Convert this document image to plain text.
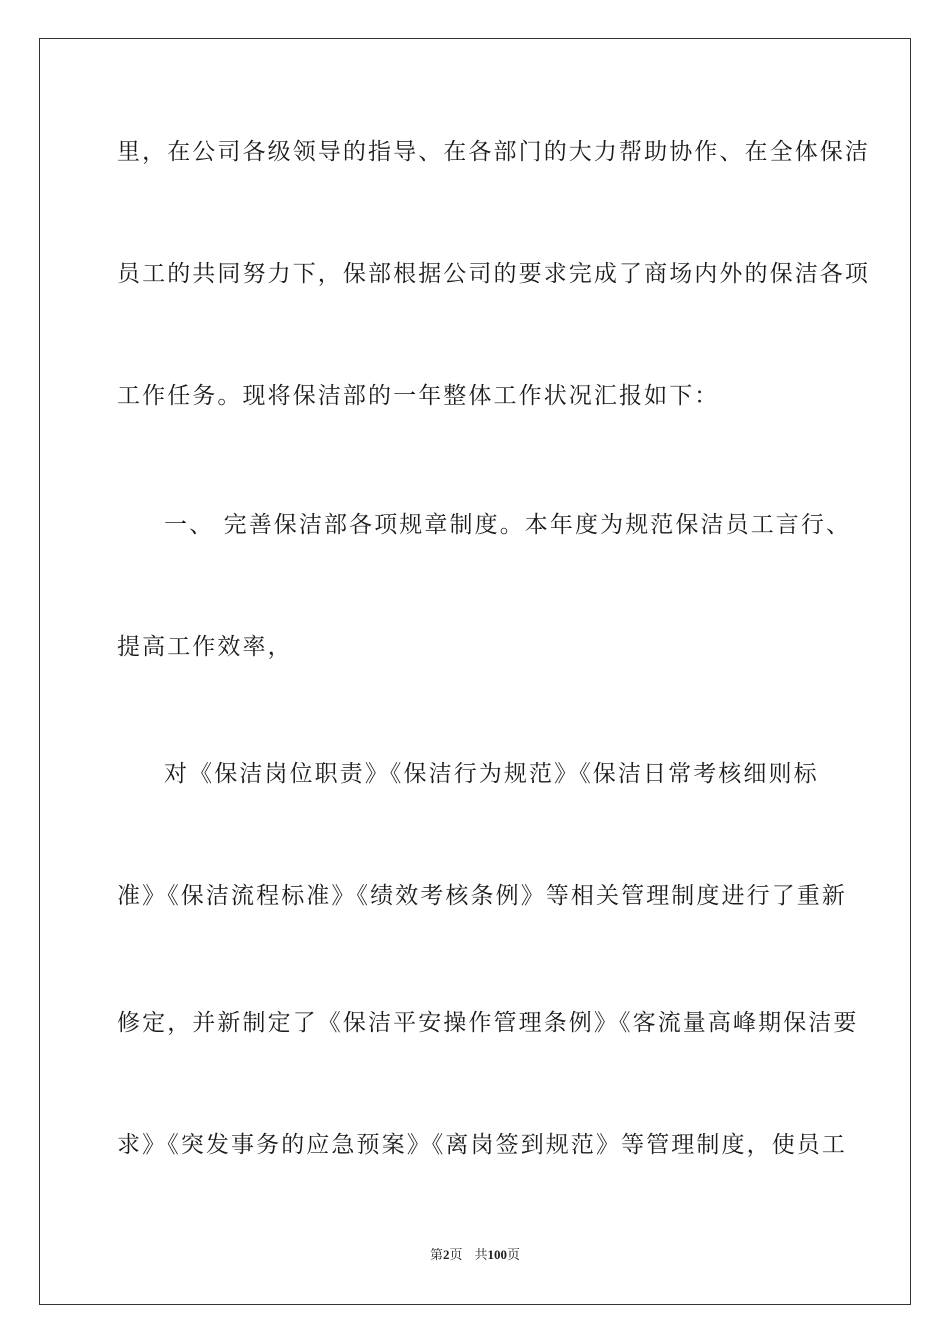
里，在公司各级领导的指导、在各部门的大力帮助协作、在全体保洁
员工的共同努力下，保部根据公司的要求完成了商场内外的保洁各项
工作任务。现将保洁部的一年整体工作状况汇报如下：
一、 完善保洁部各项规章制度。本年度为规范保洁员工言行、
提高工作效率，
对《保洁岗位职责》《保洁行为规范》《保洁日常考核细则标
准》《保洁流程标准》《绩效考核条例》等相关管理制度进行了重新
修定，并新制定了《保洁平安操作管理条例》《客流量高峰期保洁要
求》《突发事务的应急预案》《离岗签到规范》等管理制度，使员工
第2页 共100页
